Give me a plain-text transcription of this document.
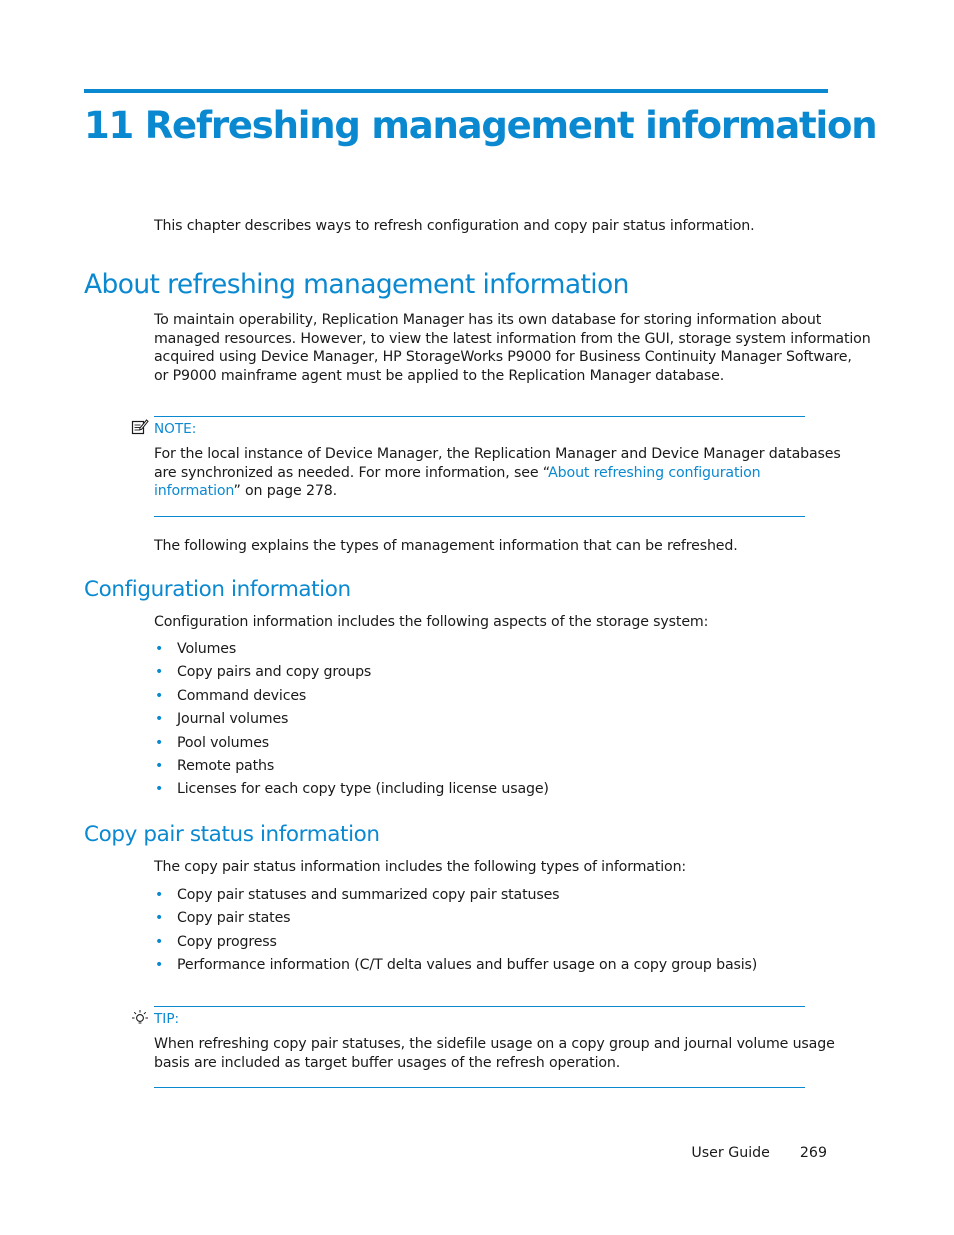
11 Refreshing management information

This chapter describes ways to refresh configuration and copy pair status information.

About refreshing management information

To maintain operability, Replication Manager has its own database for storing information about

managed resources. However, to view the latest information from the GUI, storage system information

acquired using Device Manager, HP StorageWorks P9000 for Business Continuity Manager Software,

or P9000 mainframe agent must be applied to the Replication Manager database.

NOTE:

For the local instance of Device Manager, the Replication Manager and Device Manager databases

are synchronized as needed. For more information, see “About refreshing configuration

information” on page 278.

The following explains the types of management information that can be refreshed.

Configuration information

Configuration information includes the following aspects of the storage system:

• Volumes
• Copy pairs and copy groups
• Command devices
• Journal volumes
• Pool volumes
• Remote paths
• Licenses for each copy type (including license usage)
Copy pair status information

The copy pair status information includes the following types of information:

• Copy pair statuses and summarized copy pair statuses
• Copy pair states
• Copy progress
• Performance information (C/T delta values and buffer usage on a copy group basis)
TIP:

When refreshing copy pair statuses, the sidefile usage on a copy group and journal volume usage

basis are included as target buffer usages of the refresh operation.

User Guide 269
